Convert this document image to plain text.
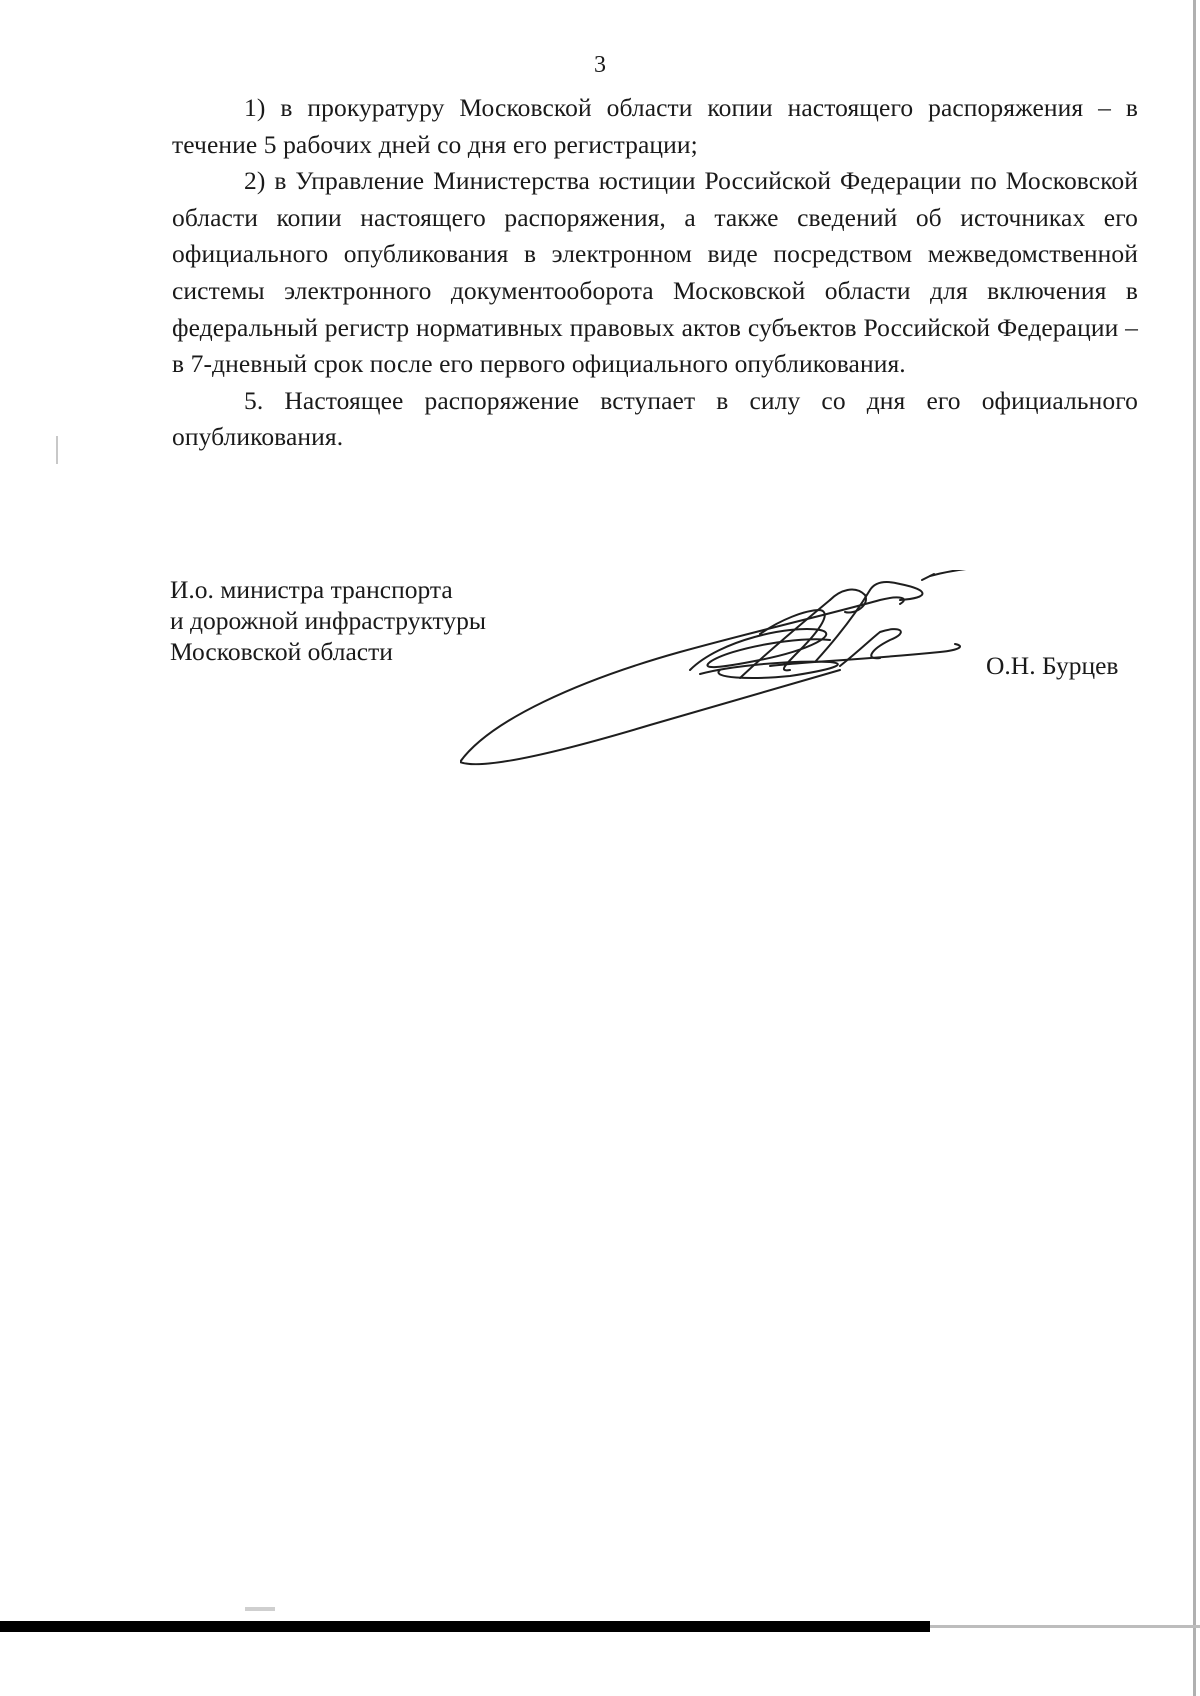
3

1) в прокуратуру Московской области копии настоящего распоряжения – в течение 5 рабочих дней со дня его регистрации;

2) в Управление Министерства юстиции Российской Федерации по Московской области копии настоящего распоряжения, а также сведений об источниках его официального опубликования в электронном виде посредством межведомственной системы электронного документооборота Московской области для включения в федеральный регистр нормативных правовых актов субъектов Российской Федерации – в 7-дневный срок после его первого официального опубликования.

5. Настоящее распоряжение вступает в силу со дня его официального опубликования.

И.о. министра транспорта
и дорожной инфраструктуры
Московской области	О.Н. Бурцев
